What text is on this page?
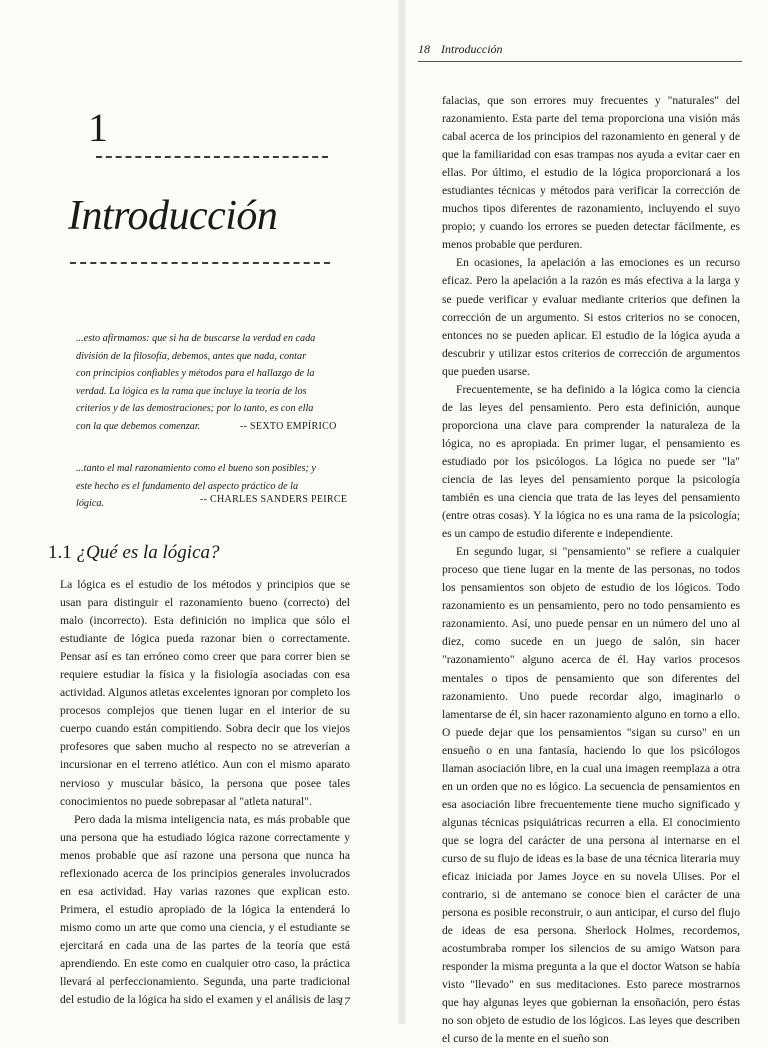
1
Introducción
...esto afirmamos: que si ha de buscarse la verdad en cada división de la filosofía, debemos, antes que nada, contar con principios confiables y métodos para el hallazgo de la verdad. La lógica es la rama que incluye la teoría de los criterios y de las demostraciones; por lo tanto, es con ella con la que debemos comenzar.	-- SEXTO EMPÍRICO
...tanto el mal razonamiento como el bueno son posibles; y este hecho es el fundamento del aspecto práctico de la lógica.	-- CHARLES SANDERS PEIRCE
1.1 ¿Qué es la lógica?

La lógica es el estudio de los métodos y principios que se usan para distinguir el razonamiento bueno (correcto) del malo (incorrecto). Esta definición no implica que sólo el estudiante de lógica pueda razonar bien o correctamente. Pensar así es tan erróneo como creer que para correr bien se requiere estudiar la física y la fisiología asociadas con esa actividad. Algunos atletas excelentes ignoran por completo los procesos complejos que tienen lugar en el interior de su cuerpo cuando están compitiendo. Sobra decir que los viejos profesores que saben mucho al respecto no se atreverían a incursionar en el terreno atlético. Aun con el mismo aparato nervioso y muscular básico, la persona que posee tales conocimientos no puede sobrepasar al "atleta natural".

Pero dada la misma inteligencia nata, es más probable que una persona que ha estudiado lógica razone correctamente y menos probable que así razone una persona que nunca ha reflexionado acerca de los principios generales involucrados en esa actividad. Hay varias razones que explican esto. Primera, el estudio apropiado de la lógica la entenderá lo mismo como un arte que como una ciencia, y el estudiante se ejercitará en cada una de las partes de la teoría que está aprendiendo. En este como en cualquier otro caso, la práctica llevará al perfeccionamiento. Segunda, una parte tradicional del estudio de la lógica ha sido el examen y el análisis de las

17
18 Introducción

falacias, que son errores muy frecuentes y "naturales" del razonamiento. Esta parte del tema proporciona una visión más cabal acerca de los principios del razonamiento en general y de que la familiaridad con esas trampas nos ayuda a evitar caer en ellas. Por último, el estudio de la lógica proporcionará a los estudiantes técnicas y métodos para verificar la corrección de muchos tipos diferentes de razonamiento, incluyendo el suyo propio; y cuando los errores se pueden detectar fácilmente, es menos probable que perduren.

En ocasiones, la apelación a las emociones es un recurso eficaz. Pero la apelación a la razón es más efectiva a la larga y se puede verificar y evaluar mediante criterios que definen la corrección de un argumento. Si estos criterios no se conocen, entonces no se pueden aplicar. El estudio de la lógica ayuda a descubrir y utilizar estos criterios de corrección de argumentos que pueden usarse.

Frecuentemente, se ha definido a la lógica como la ciencia de las leyes del pensamiento. Pero esta definición, aunque proporciona una clave para comprender la naturaleza de la lógica, no es apropiada. En primer lugar, el pensamiento es estudiado por los psicólogos. La lógica no puede ser "la" ciencia de las leyes del pensamiento porque la psicología también es una ciencia que trata de las leyes del pensamiento (entre otras cosas). Y la lógica no es una rama de la psicología; es un campo de estudio diferente e independiente.

En segundo lugar, si "pensamiento" se refiere a cualquier proceso que tiene lugar en la mente de las personas, no todos los pensamientos son objeto de estudio de los lógicos. Todo razonamiento es un pensamiento, pero no todo pensamiento es razonamiento. Así, uno puede pensar en un número del uno al diez, como sucede en un juego de salón, sin hacer "razonamiento" alguno acerca de él. Hay varios procesos mentales o tipos de pensamiento que son diferentes del razonamiento. Uno puede recordar algo, imaginarlo o lamentarse de él, sin hacer razonamiento alguno en torno a ello. O puede dejar que los pensamientos "sigan su curso" en un ensueño o en una fantasía, haciendo lo que los psicólogos llaman asociación libre, en la cual una imagen reemplaza a otra en un orden que no es lógico. La secuencia de pensamientos en esa asociación libre frecuentemente tiene mucho significado y algunas técnicas psiquiátricas recurren a ella. El conocimiento que se logra del carácter de una persona al internarse en el curso de su flujo de ideas es la base de una técnica literaria muy eficaz iniciada por James Joyce en su novela Ulises. Por el contrario, si de antemano se conoce bien el carácter de una persona es posible reconstruir, o aun anticipar, el curso del flujo de ideas de esa persona. Sherlock Holmes, recordemos, acostumbraba romper los silencios de su amigo Watson para responder la misma pregunta a la que el doctor Watson se había visto "llevado" en sus meditaciones. Esto parece mostrarnos que hay algunas leyes que gobiernan la ensoñación, pero éstas no son objeto de estudio de los lógicos. Las leyes que describen el curso de la mente en el sueño son
